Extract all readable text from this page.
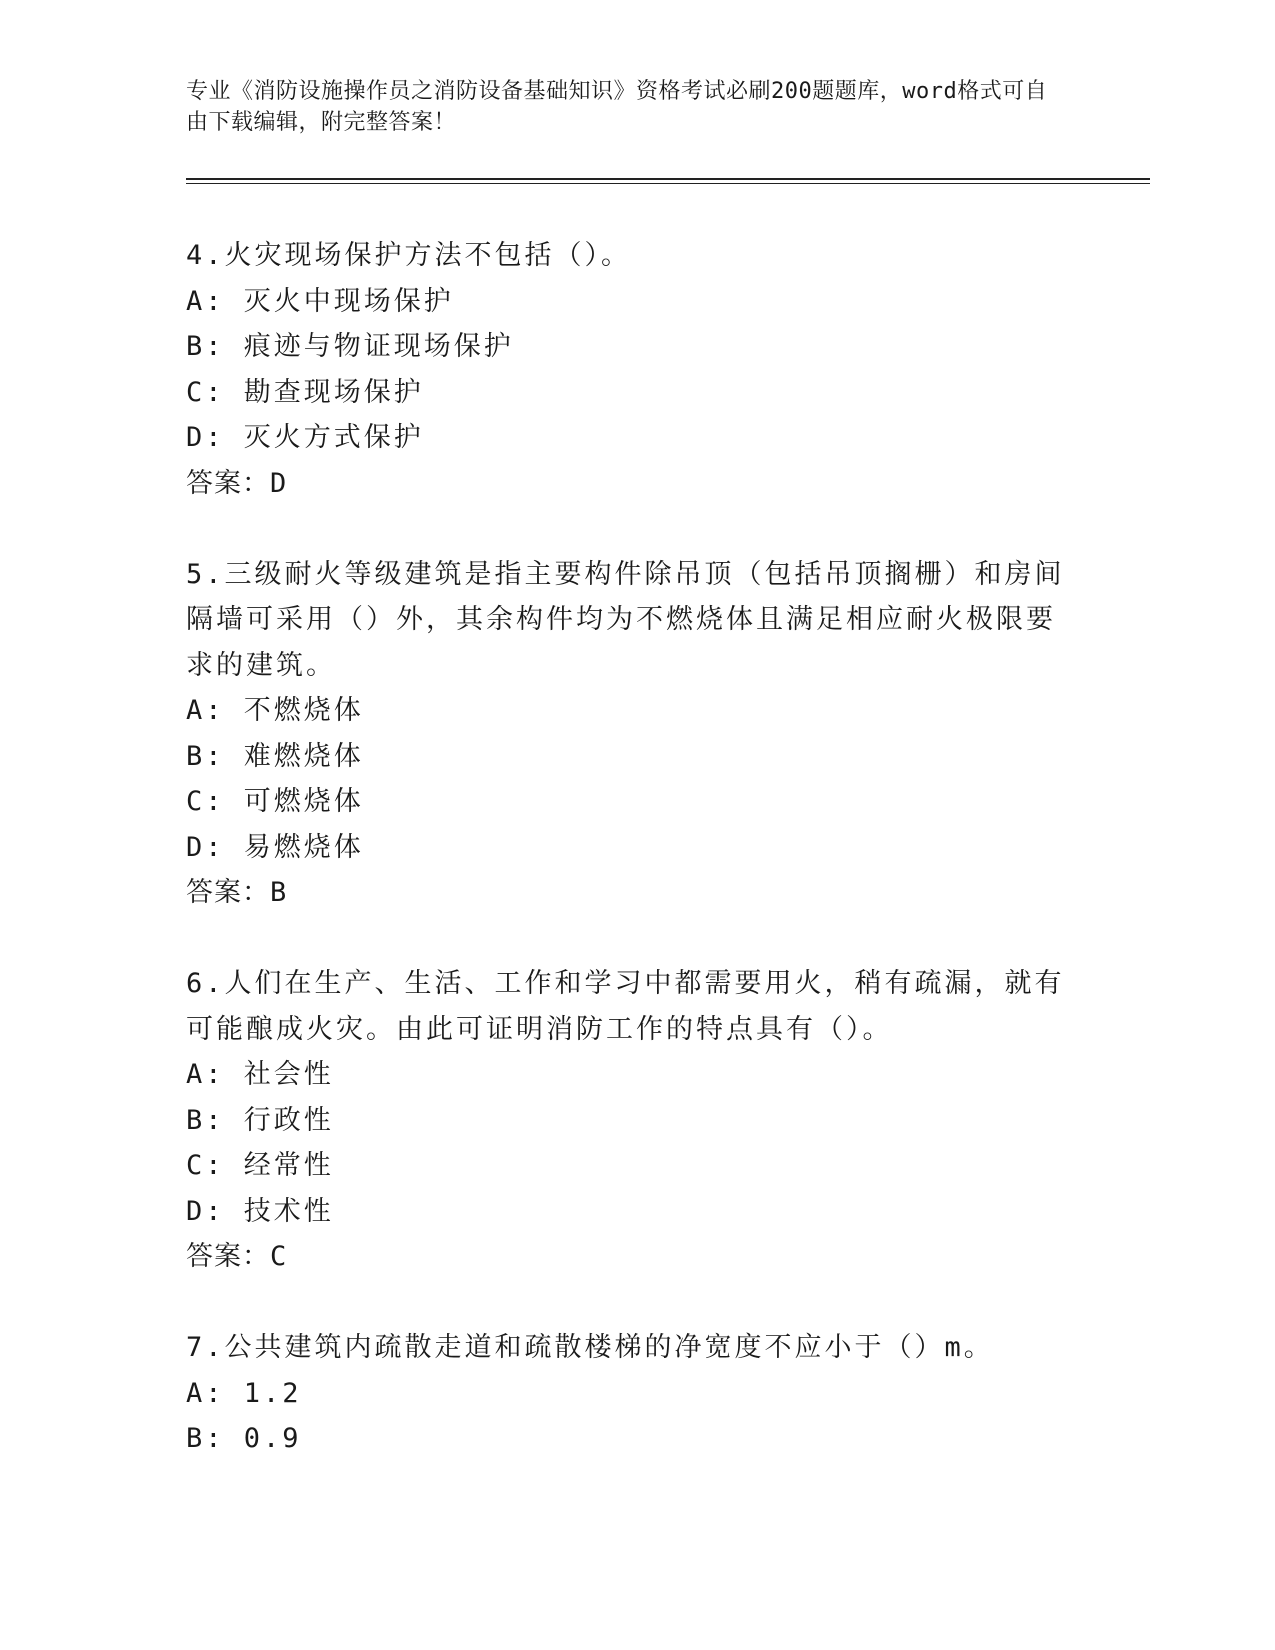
专业《消防设施操作员之消防设备基础知识》资格考试必刷200题题库，word格式可自由下载编辑，附完整答案！

4.火灾现场保护方法不包括（）。

A: 灭火中现场保护

B: 痕迹与物证现场保护

C: 勘查现场保护

D: 灭火方式保护

答案：D

5.三级耐火等级建筑是指主要构件除吊顶（包括吊顶搁栅）和房间隔墙可采用（）外，其余构件均为不燃烧体且满足相应耐火极限要求的建筑。

A: 不燃烧体

B: 难燃烧体

C: 可燃烧体

D: 易燃烧体

答案：B

6.人们在生产、生活、工作和学习中都需要用火，稍有疏漏，就有可能酿成火灾。由此可证明消防工作的特点具有（）。

A: 社会性

B: 行政性

C: 经常性

D: 技术性

答案：C

7.公共建筑内疏散走道和疏散楼梯的净宽度不应小于（）m。

A: 1.2

B: 0.9
